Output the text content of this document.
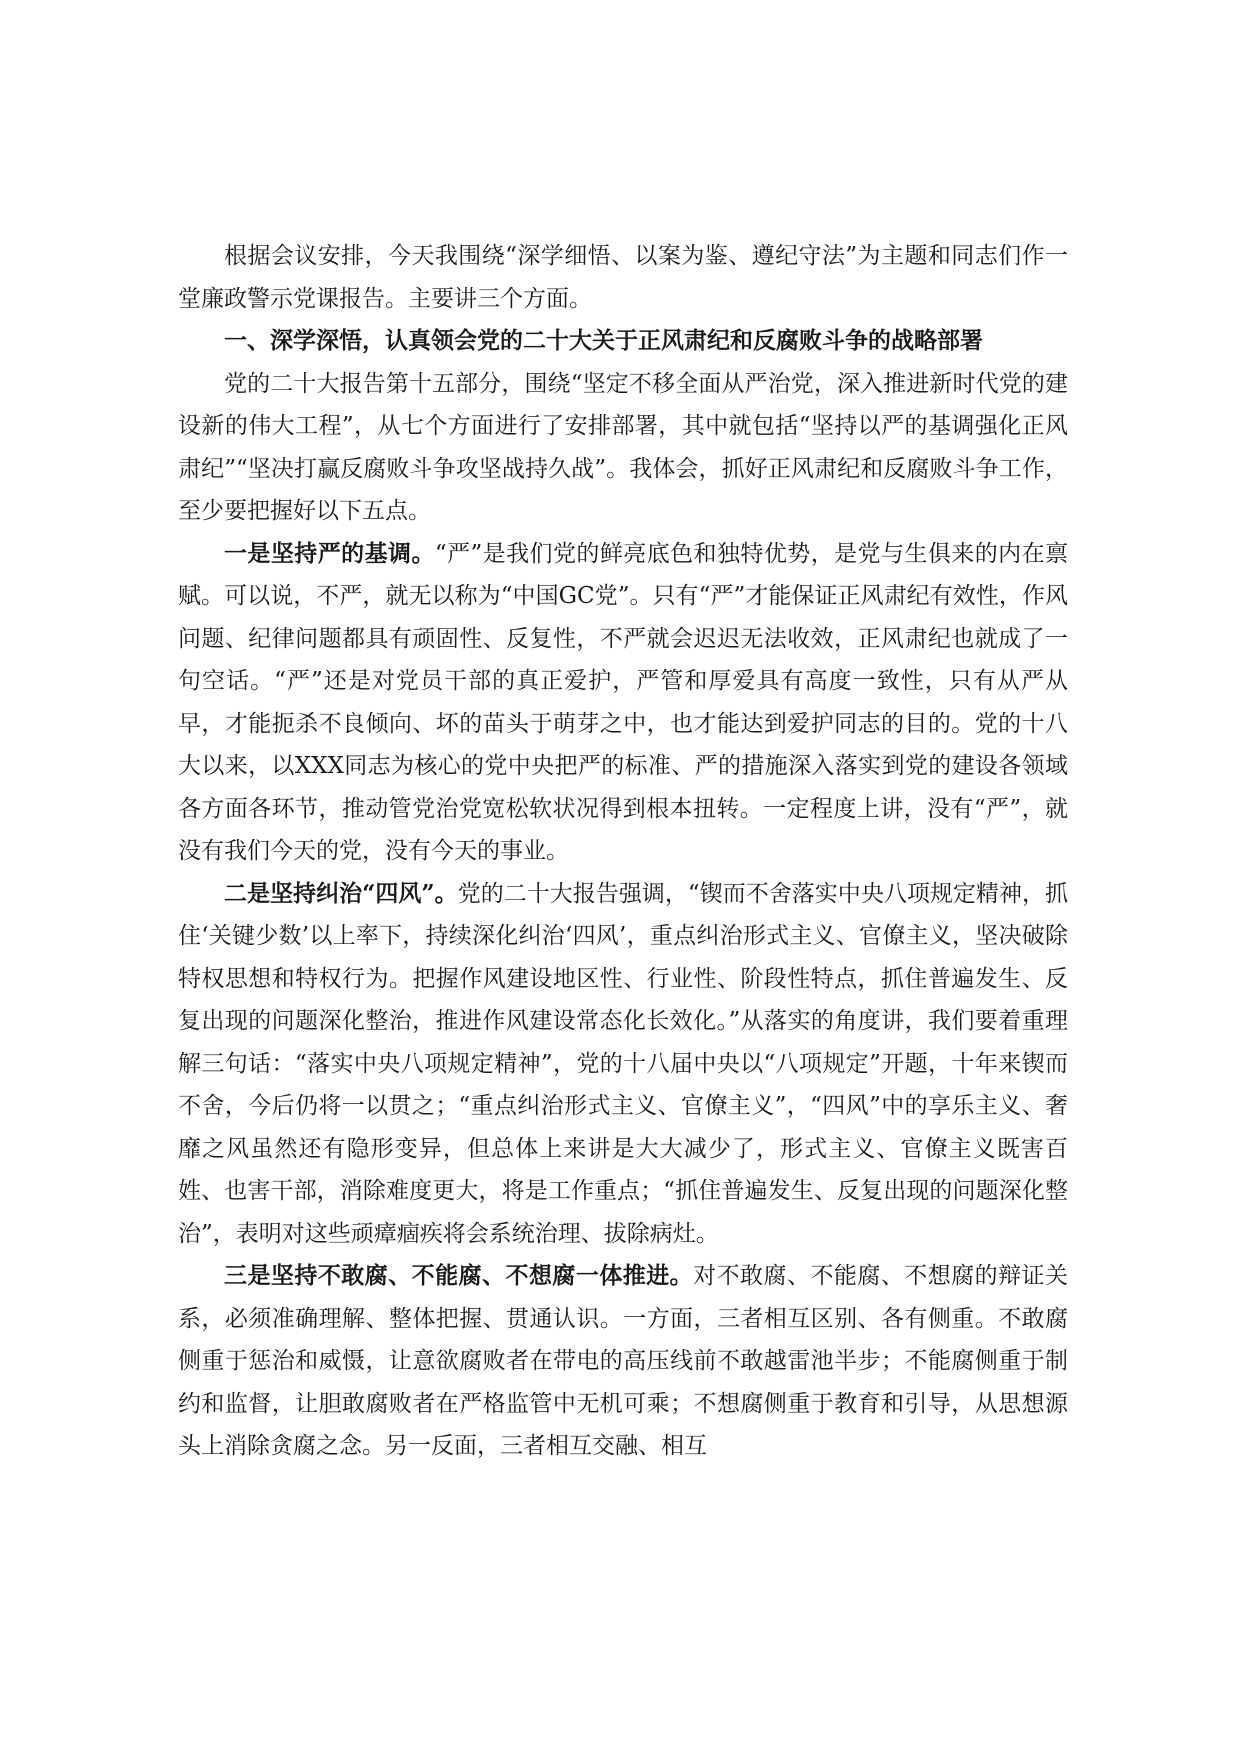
根据会议安排，今天我围绕“深学细悟、以案为鉴、遵纪守法”为主题和同志们作一堂廉政警示党课报告。主要讲三个方面。

一、深学深悟，认真领会党的二十大关于正风肃纪和反腐败斗争的战略部署

党的二十大报告第十五部分，围绕“坚定不移全面从严治党，深入推进新时代党的建设新的伟大工程”，从七个方面进行了安排部署，其中就包括“坚持以严的基调强化正风肃纪”“坚决打赢反腐败斗争攻坚战持久战”。我体会，抓好正风肃纪和反腐败斗争工作，至少要把握好以下五点。

一是坚持严的基调。“严”是我们党的鲜亮底色和独特优势，是党与生俱来的内在禀赋。可以说，不严，就无以称为“中国GC党”。只有“严”才能保证正风肃纪有效性，作风问题、纪律问题都具有顽固性、反复性，不严就会迟迟无法收效，正风肃纪也就成了一句空话。“严”还是对党员干部的真正爱护，严管和厚爱具有高度一致性，只有从严从早，才能扼杀不良倾向、坏的苗头于萌芽之中，也才能达到爱护同志的目的。党的十八大以来，以XXX同志为核心的党中央把严的标准、严的措施深入落实到党的建设各领域各方面各环节，推动管党治党宽松软状况得到根本扭转。一定程度上讲，没有“严”，就没有我们今天的党，没有今天的事业。

二是坚持纠治“四风”。党的二十大报告强调，“锲而不舍落实中央八项规定精神，抓住‘关键少数’以上率下，持续深化纠治‘四风’，重点纠治形式主义、官僚主义，坚决破除特权思想和特权行为。把握作风建设地区性、行业性、阶段性特点，抓住普遍发生、反复出现的问题深化整治，推进作风建设常态化长效化。”从落实的角度讲，我们要着重理解三句话：“落实中央八项规定精神”，党的十八届中央以“八项规定”开题，十年来锲而不舍，今后仍将一以贯之；“重点纠治形式主义、官僚主义”，“四风”中的享乐主义、奢靡之风虽然还有隐形变异，但总体上来讲是大大减少了，形式主义、官僚主义既害百姓、也害干部，消除难度更大，将是工作重点；“抓住普遍发生、反复出现的问题深化整治”，表明对这些顽瘴痼疾将会系统治理、拔除病灶。

三是坚持不敢腐、不能腐、不想腐一体推进。对不敢腐、不能腐、不想腐的辩证关系，必须准确理解、整体把握、贯通认识。一方面，三者相互区别、各有侧重。不敢腐侧重于惩治和威慑，让意欲腐败者在带电的高压线前不敢越雷池半步；不能腐侧重于制约和监督，让胆敢腐败者在严格监管中无机可乘；不想腐侧重于教育和引导，从思想源头上消除贪腐之念。另一反面，三者相互交融、相互
